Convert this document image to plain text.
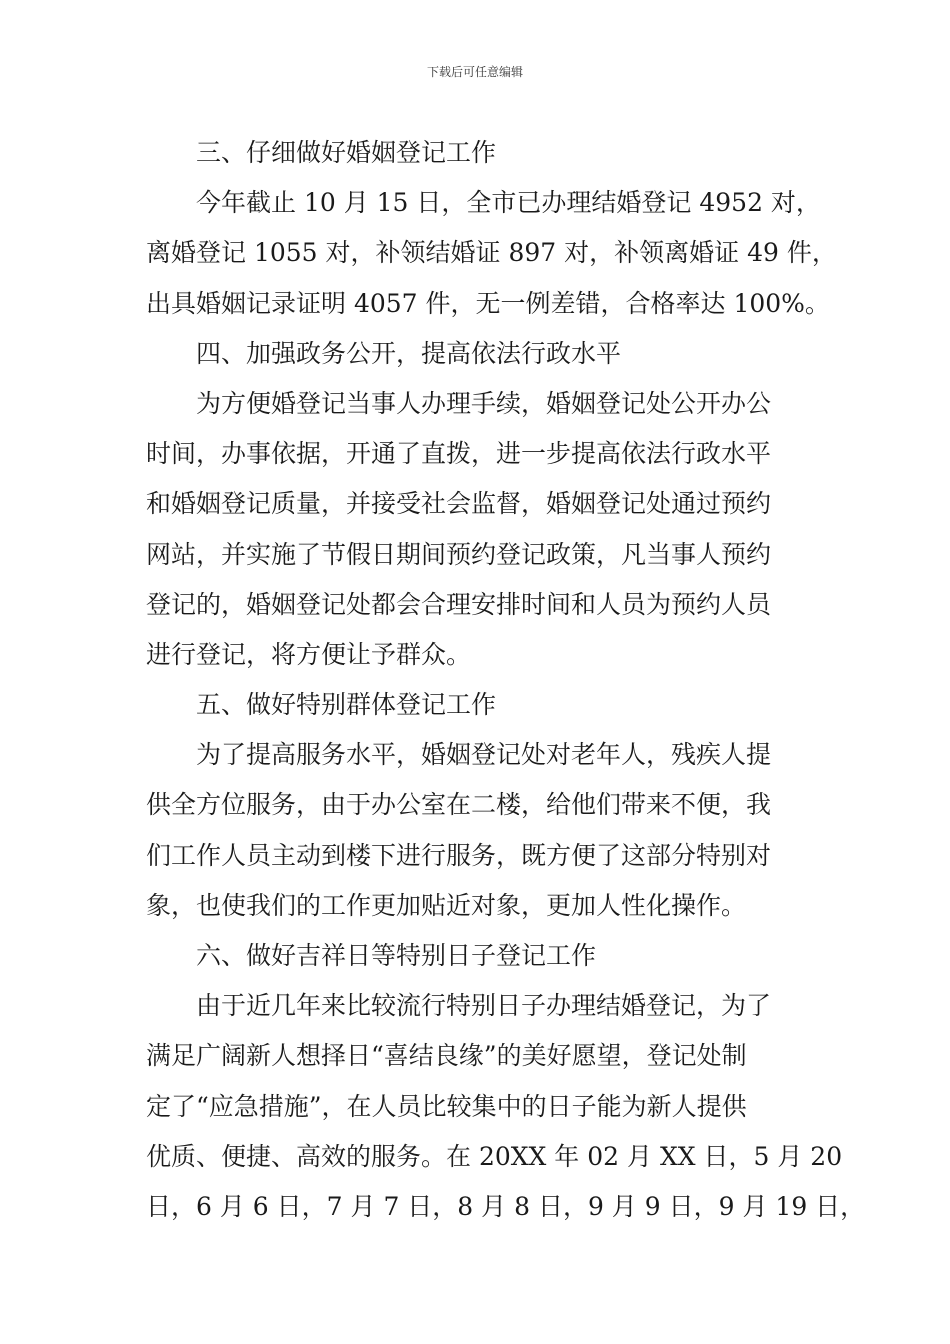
下载后可任意编辑
三、仔细做好婚姻登记工作
今年截止 10 月 15 日，全市已办理结婚登记 4952 对，
离婚登记 1055 对，补领结婚证 897 对，补领离婚证 49 件，
出具婚姻记录证明 4057 件，无一例差错，合格率达 100%。
四、加强政务公开，提高依法行政水平
为方便婚登记当事人办理手续，婚姻登记处公开办公
时间，办事依据，开通了直拨，进一步提高依法行政水平
和婚姻登记质量，并接受社会监督，婚姻登记处通过预约
网站，并实施了节假日期间预约登记政策，凡当事人预约
登记的，婚姻登记处都会合理安排时间和人员为预约人员
进行登记，将方便让予群众。
五、做好特别群体登记工作
为了提高服务水平，婚姻登记处对老年人，残疾人提
供全方位服务，由于办公室在二楼，给他们带来不便，我
们工作人员主动到楼下进行服务，既方便了这部分特别对
象，也使我们的工作更加贴近对象，更加人性化操作。
六、做好吉祥日等特别日子登记工作
由于近几年来比较流行特别日子办理结婚登记，为了
满足广阔新人想择日“喜结良缘”的美好愿望，登记处制
定了“应急措施”，在人员比较集中的日子能为新人提供
优质、便捷、高效的服务。在 20XX 年 02 月 XX 日，5 月 20
日，6 月 6 日，7 月 7 日，8 月 8 日，9 月 9 日，9 月 19 日，
